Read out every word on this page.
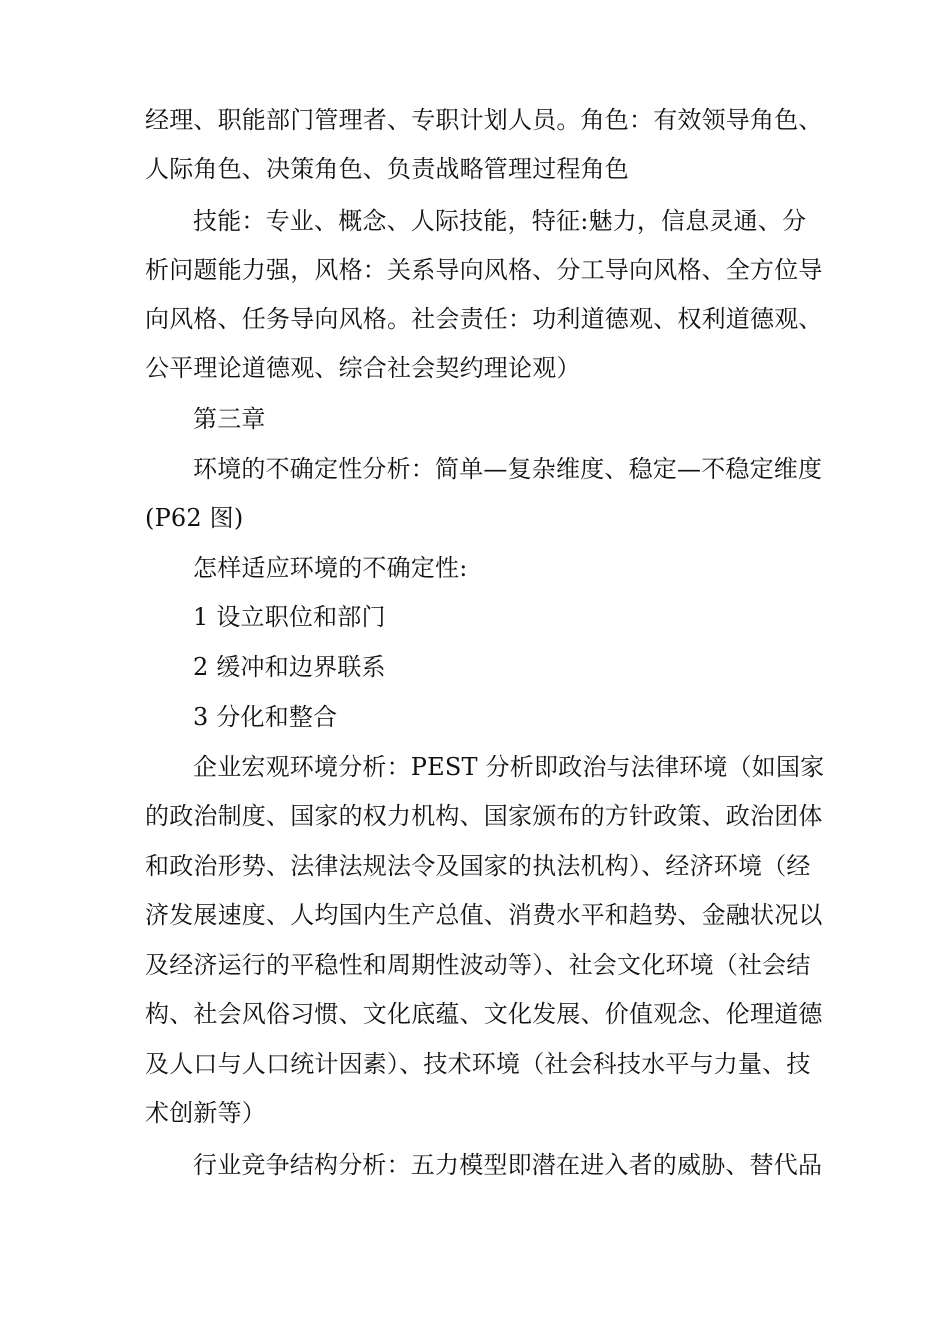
经理、职能部门管理者、专职计划人员。角色：有效领导角色、
人际角色、决策角色、负责战略管理过程角色
技能：专业、概念、人际技能，特征:魅力，信息灵通、分
析问题能力强，风格：关系导向风格、分工导向风格、全方位导
向风格、任务导向风格。社会责任：功利道德观、权利道德观、
公平理论道德观、综合社会契约理论观）
第三章
环境的不确定性分析：简单—复杂维度、稳定—不稳定维度
(P62 图)
怎样适应环境的不确定性:
1 设立职位和部门
2 缓冲和边界联系
3 分化和整合
企业宏观环境分析：PEST 分析即政治与法律环境（如国家
的政治制度、国家的权力机构、国家颁布的方针政策、政治团体
和政治形势、法律法规法令及国家的执法机构）、经济环境（经
济发展速度、人均国内生产总值、消费水平和趋势、金融状况以
及经济运行的平稳性和周期性波动等）、社会文化环境（社会结
构、社会风俗习惯、文化底蕴、文化发展、价值观念、伦理道德
及人口与人口统计因素）、技术环境（社会科技水平与力量、技
术创新等）
行业竞争结构分析：五力模型即潜在进入者的威胁、替代品
